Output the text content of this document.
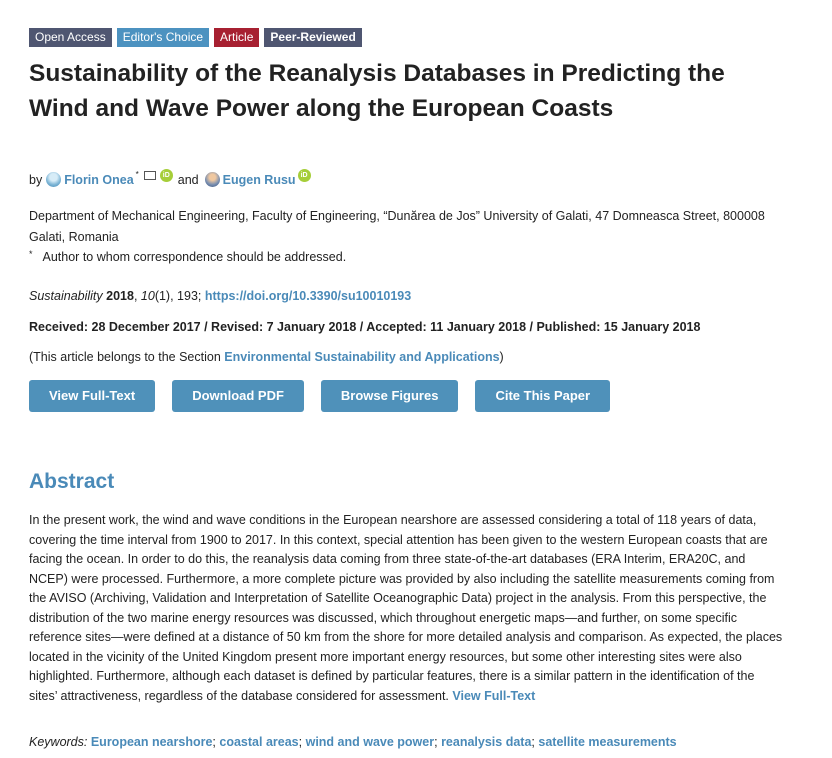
Open Access	Editor's Choice	Article	Peer-Reviewed
Sustainability of the Reanalysis Databases in Predicting the Wind and Wave Power along the European Coasts
by Florin Onea *	iD and Eugen Rusu iD
Department of Mechanical Engineering, Faculty of Engineering, “Dunărea de Jos” University of Galati, 47 Domneasca Street, 800008 Galati, Romania
* Author to whom correspondence should be addressed.
Sustainability 2018, 10(1), 193; https://doi.org/10.3390/su10010193
Received: 28 December 2017 / Revised: 7 January 2018 / Accepted: 11 January 2018 / Published: 15 January 2018
(This article belongs to the Section Environmental Sustainability and Applications)
View Full-Text	Download PDF	Browse Figures	Cite This Paper
Abstract

In the present work, the wind and wave conditions in the European nearshore are assessed considering a total of 118 years of data, covering the time interval from 1900 to 2017. In this context, special attention has been given to the western European coasts that are facing the ocean. In order to do this, the reanalysis data coming from three state-of-the-art databases (ERA Interim, ERA20C, and NCEP) were processed. Furthermore, a more complete picture was provided by also including the satellite measurements coming from the AVISO (Archiving, Validation and Interpretation of Satellite Oceanographic Data) project in the analysis. From this perspective, the distribution of the two marine energy resources was discussed, which throughout energetic maps—and further, on some specific reference sites—were defined at a distance of 50 km from the shore for more detailed analysis and comparison. As expected, the places located in the vicinity of the United Kingdom present more important energy resources, but some other interesting sites were also highlighted. Furthermore, although each dataset is defined by particular features, there is a similar pattern in the identification of the sites’ attractiveness, regardless of the database considered for assessment. View Full-Text

Keywords: European nearshore; coastal areas; wind and wave power; reanalysis data; satellite measurements
